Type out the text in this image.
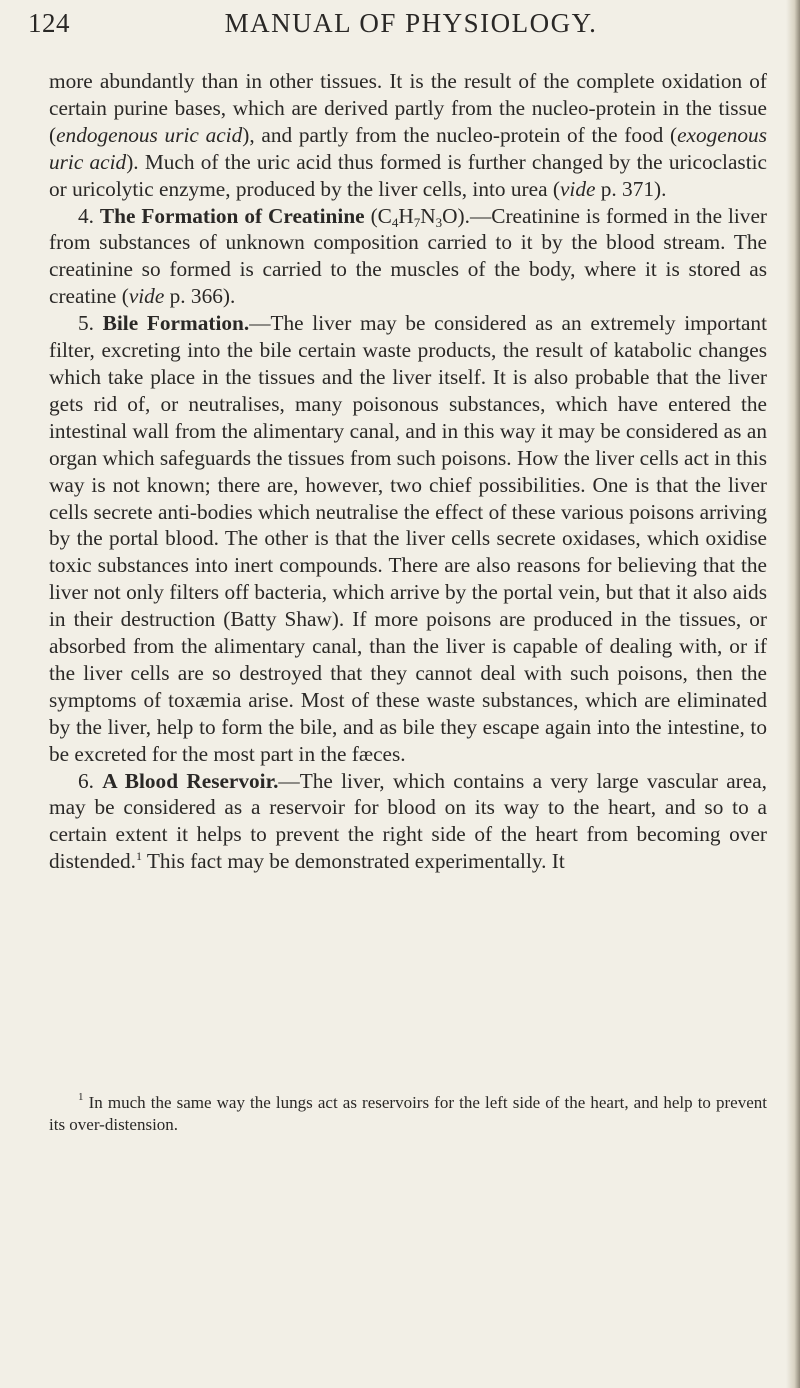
124	MANUAL OF PHYSIOLOGY.

more abundantly than in other tissues. It is the result of the complete oxidation of certain purine bases, which are derived partly from the nucleo-protein in the tissue (endogenous uric acid), and partly from the nucleo-protein of the food (exogenous uric acid). Much of the uric acid thus formed is further changed by the uricoclastic or uricolytic enzyme, produced by the liver cells, into urea (vide p. 371).

4. The Formation of Creatinine $(C_4H_7N_3O).—Creatinine$ is formed in the liver from substances of unknown composition carried to it by the blood stream. The creatinine so formed is carried to the muscles of the body, where it is stored as creatine (vide p. 366).

5. Bile Formation.—The liver may be considered as an extremely important filter, excreting into the bile certain waste products, the result of katabolic changes which take place in the tissues and the liver itself. It is also probable that the liver gets rid of, or neutralises, many poisonous substances, which have entered the intestinal wall from the alimentary canal, and in this way it may be considered as an organ which safeguards the tissues from such poisons. How the liver cells act in this way is not known; there are, however, two chief possibilities. One is that the liver cells secrete anti-bodies which neutralise the effect of these various poisons arriving by the portal blood. The other is that the liver cells secrete oxidases, which oxidise toxic substances into inert compounds. There are also reasons for believing that the liver not only filters off bacteria, which arrive by the portal vein, but that it also aids in their destruction (Batty Shaw). If more poisons are produced in the tissues, or absorbed from the alimentary canal, than the liver is capable of dealing with, or if the liver cells are so destroyed that they cannot deal with such poisons, then the symptoms of toxæmia arise. Most of these waste substances, which are eliminated by the liver, help to form the bile, and as bile they escape again into the intestine, to be excreted for the most part in the fæces.

6. A Blood Reservoir.—The liver, which contains a very large vascular area, may be considered as a reservoir for blood on its way to the heart, and so to a certain extent it helps to prevent the right side of the heart from becoming over distended.$^1$ This fact may be demonstrated experimentally. It

$^1$ In much the same way the lungs act as reservoirs for the left side of the heart, and help to prevent its over-distension.
